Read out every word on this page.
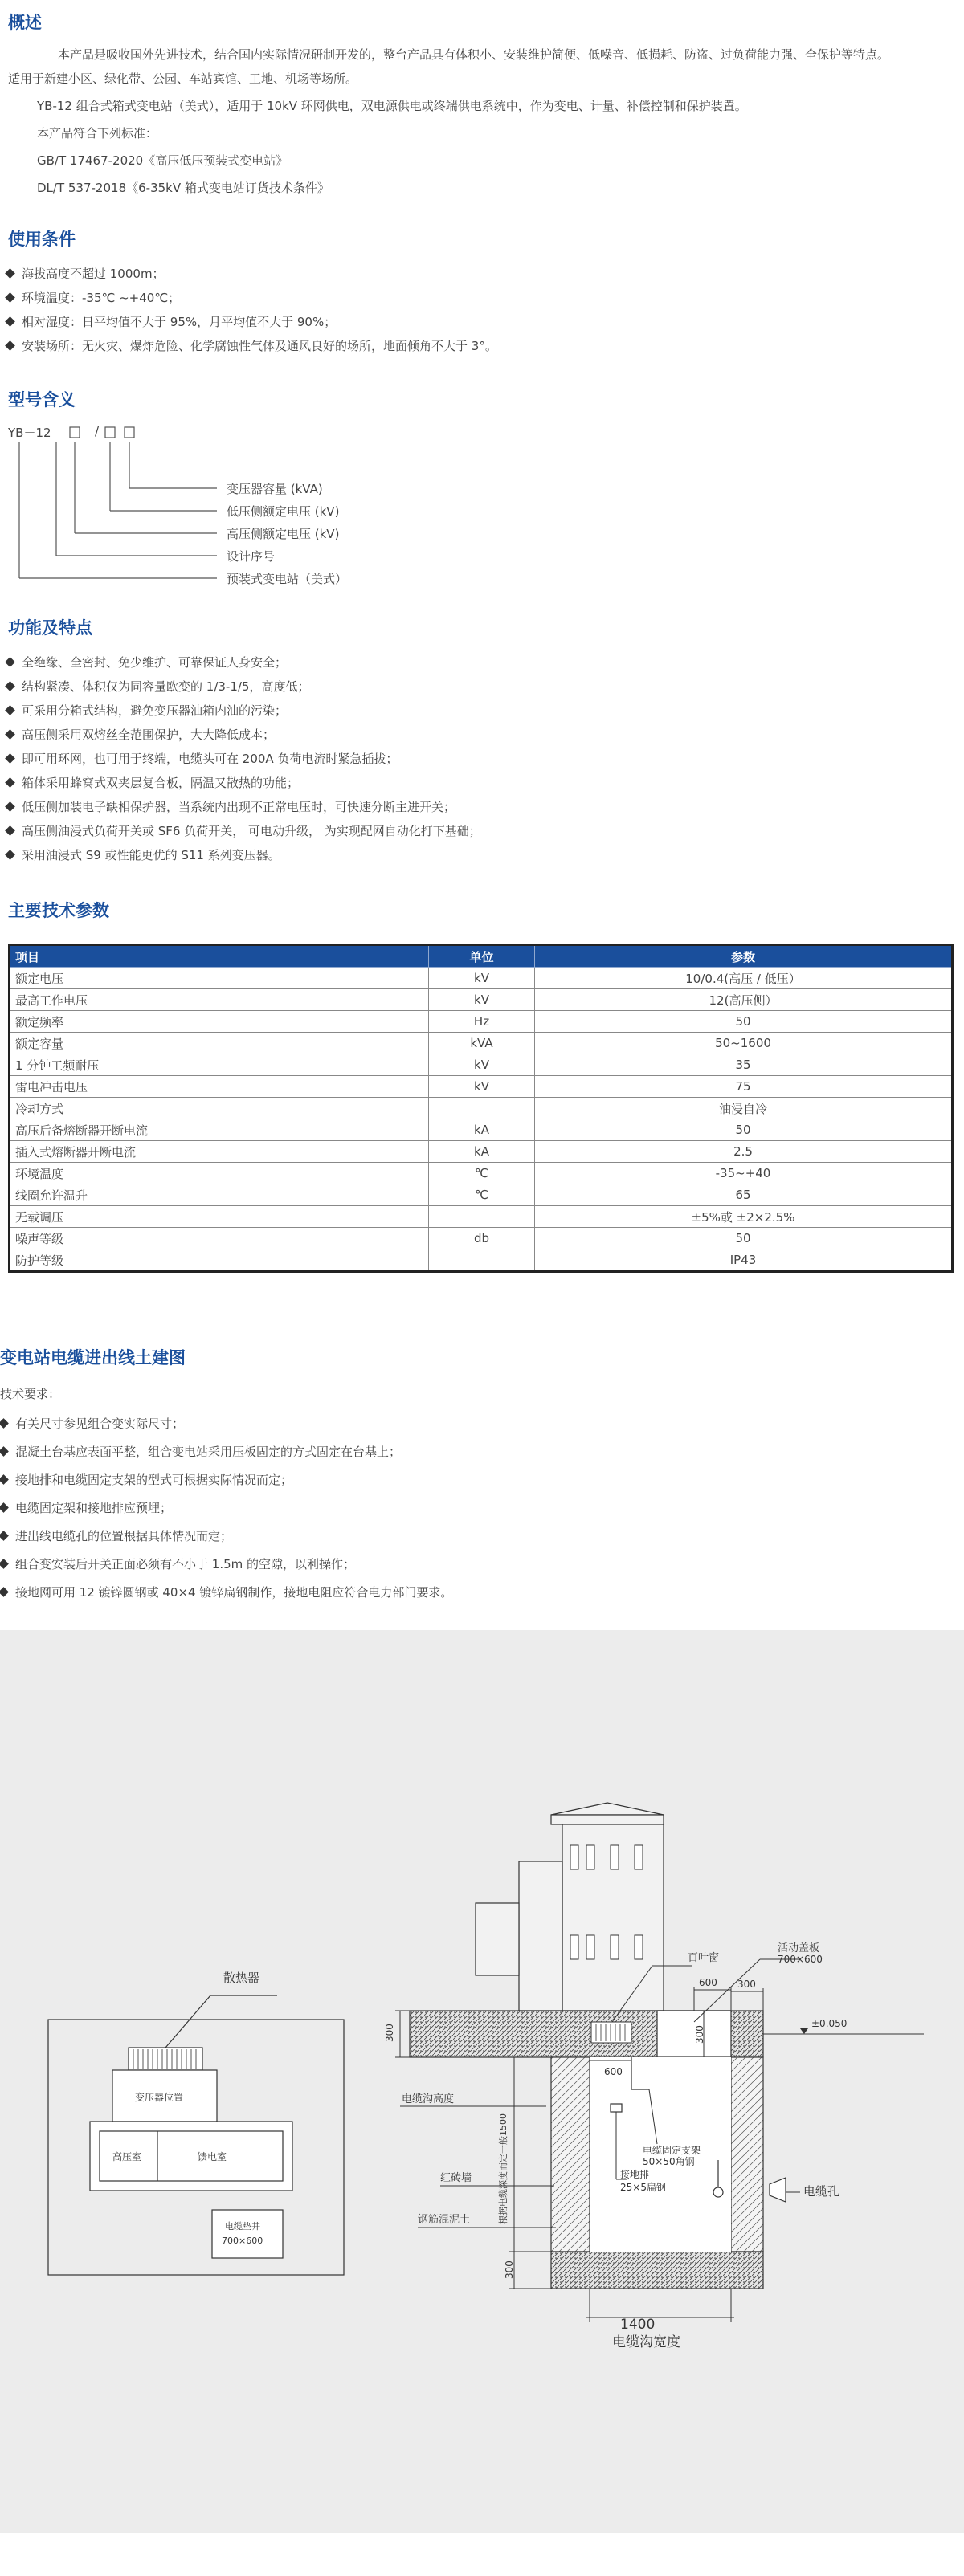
概述
本产品是吸收国外先进技术，结合国内实际情况研制开发的，整台产品具有体积小、安装维护简便、低噪音、低损耗、防盗、过负荷能力强、全保护等特点。
适用于新建小区、绿化带、公园、车站宾馆、工地、机场等场所。
YB-12 组合式箱式变电站（美式），适用于 10kV 环网供电，双电源供电或终端供电系统中，作为变电、计量、补偿控制和保护装置。
本产品符合下列标准：
GB/T 17467-2020《高压低压预装式变电站》
DL/T 537-2018《6-35kV 箱式变电站订货技术条件》
使用条件
海拔高度不超过 1000m；
环境温度：-35℃ ~+40℃；
相对湿度：日平均值不大于 95%，月平均值不大于 90%；
安装场所：无火灾、爆炸危险、化学腐蚀性气体及通风良好的场所，地面倾角不大于 3°。
型号含义
YB－12	/
变压器容量 (kVA)
低压侧额定电压 (kV)
高压侧额定电压 (kV)
设计序号
预装式变电站（美式）
功能及特点
全绝缘、全密封、免少维护、可靠保证人身安全；
结构紧凑、体积仅为同容量欧变的 1/3-1/5，高度低；
可采用分箱式结构，避免变压器油箱内油的污染；
高压侧采用双熔丝全范围保护，大大降低成本；
即可用环网，也可用于终端，电缆头可在 200A 负荷电流时紧急插拔；
箱体采用蜂窝式双夹层复合板，隔温又散热的功能；
低压侧加装电子缺相保护器，当系统内出现不正常电压时，可快速分断主进开关；
高压侧油浸式负荷开关或 SF6 负荷开关， 可电动升级， 为实现配网自动化打下基础；
采用油浸式 S9 或性能更优的 S11 系列变压器。
主要技术参数
项目	单位	参数
额定电压	kV	10/0.4(高压 / 低压）
最高工作电压	kV	12(高压侧）
额定频率	Hz	50
额定容量	kVA	50~1600
1 分钟工频耐压	kV	35
雷电冲击电压	kV	75
冷却方式		油浸自冷
高压后备熔断器开断电流	kA	50
插入式熔断器开断电流	kA	2.5
环境温度	℃	-35~+40
线圈允许温升	℃	65
无载调压		±5%或 ±2×2.5%
噪声等级	db	50
防护等级		IP43
变电站电缆进出线土建图
技术要求：
有关尺寸参见组合变实际尺寸；
混凝土台基应表面平整，组合变电站采用压板固定的方式固定在台基上；
接地排和电缆固定支架的型式可根据实际情况而定；
电缆固定架和接地排应预埋；
进出线电缆孔的位置根据具体情况而定；
组合变安装后开关正面必须有不小于 1.5m 的空隙，以利操作；
接地网可用 12 镀锌圆钢或 40×4 镀锌扁钢制作，接地电阻应符合电力部门要求。
散热器
变压器位置
高压室	馈电室
电缆垫井
700×600
百叶窗
活动盖板
700×600
600 300
300	300
±0.050
电缆沟高度
根据电缆深度而定一般1500
600
电缆固定支架
50×50角钢
接地排
25×5扁钢
红砖墙
钢筋混泥土
300
电缆孔
1400
电缆沟宽度
